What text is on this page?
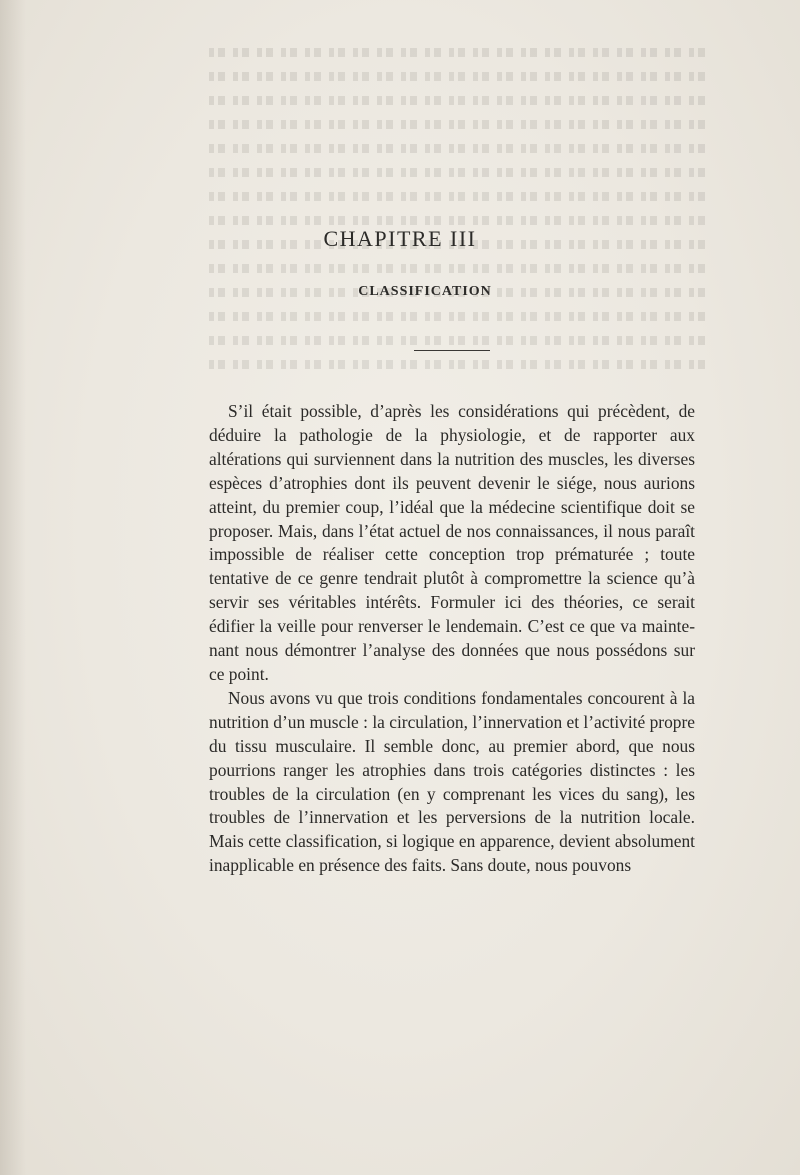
CHAPITRE III
CLASSIFICATION

S’il était possible, d’après les considérations qui précèdent, de déduire la pathologie de la physiologie, et de rapporter aux altérations qui surviennent dans la nutrition des muscles, les diverses espèces d’atrophies dont ils peuvent devenir le siége, nous aurions atteint, du premier coup, l’idéal que la médecine scientifique doit se proposer. Mais, dans l’état actuel de nos connaissances, il nous paraît impossible de réaliser cette conception trop prématurée ; toute tentative de ce genre tendrait plutôt à compromettre la science qu’à servir ses véritables intérêts. Formuler ici des théories, ce serait édifier la veille pour renverser le lendemain. C’est ce que va maintenant nous démontrer l’analyse des données que nous possédons sur ce point.

Nous avons vu que trois conditions fondamentales concourent à la nutrition d’un muscle : la circulation, l’innervation et l’activité propre du tissu musculaire. Il semble donc, au premier abord, que nous pourrions ranger les atrophies dans trois catégories distinctes : les troubles de la circulation (en y comprenant les vices du sang), les troubles de l’innervation et les perversions de la nutrition locale. Mais cette classification, si logique en apparence, devient absolument inapplicable en présence des faits. Sans doute, nous pouvons
